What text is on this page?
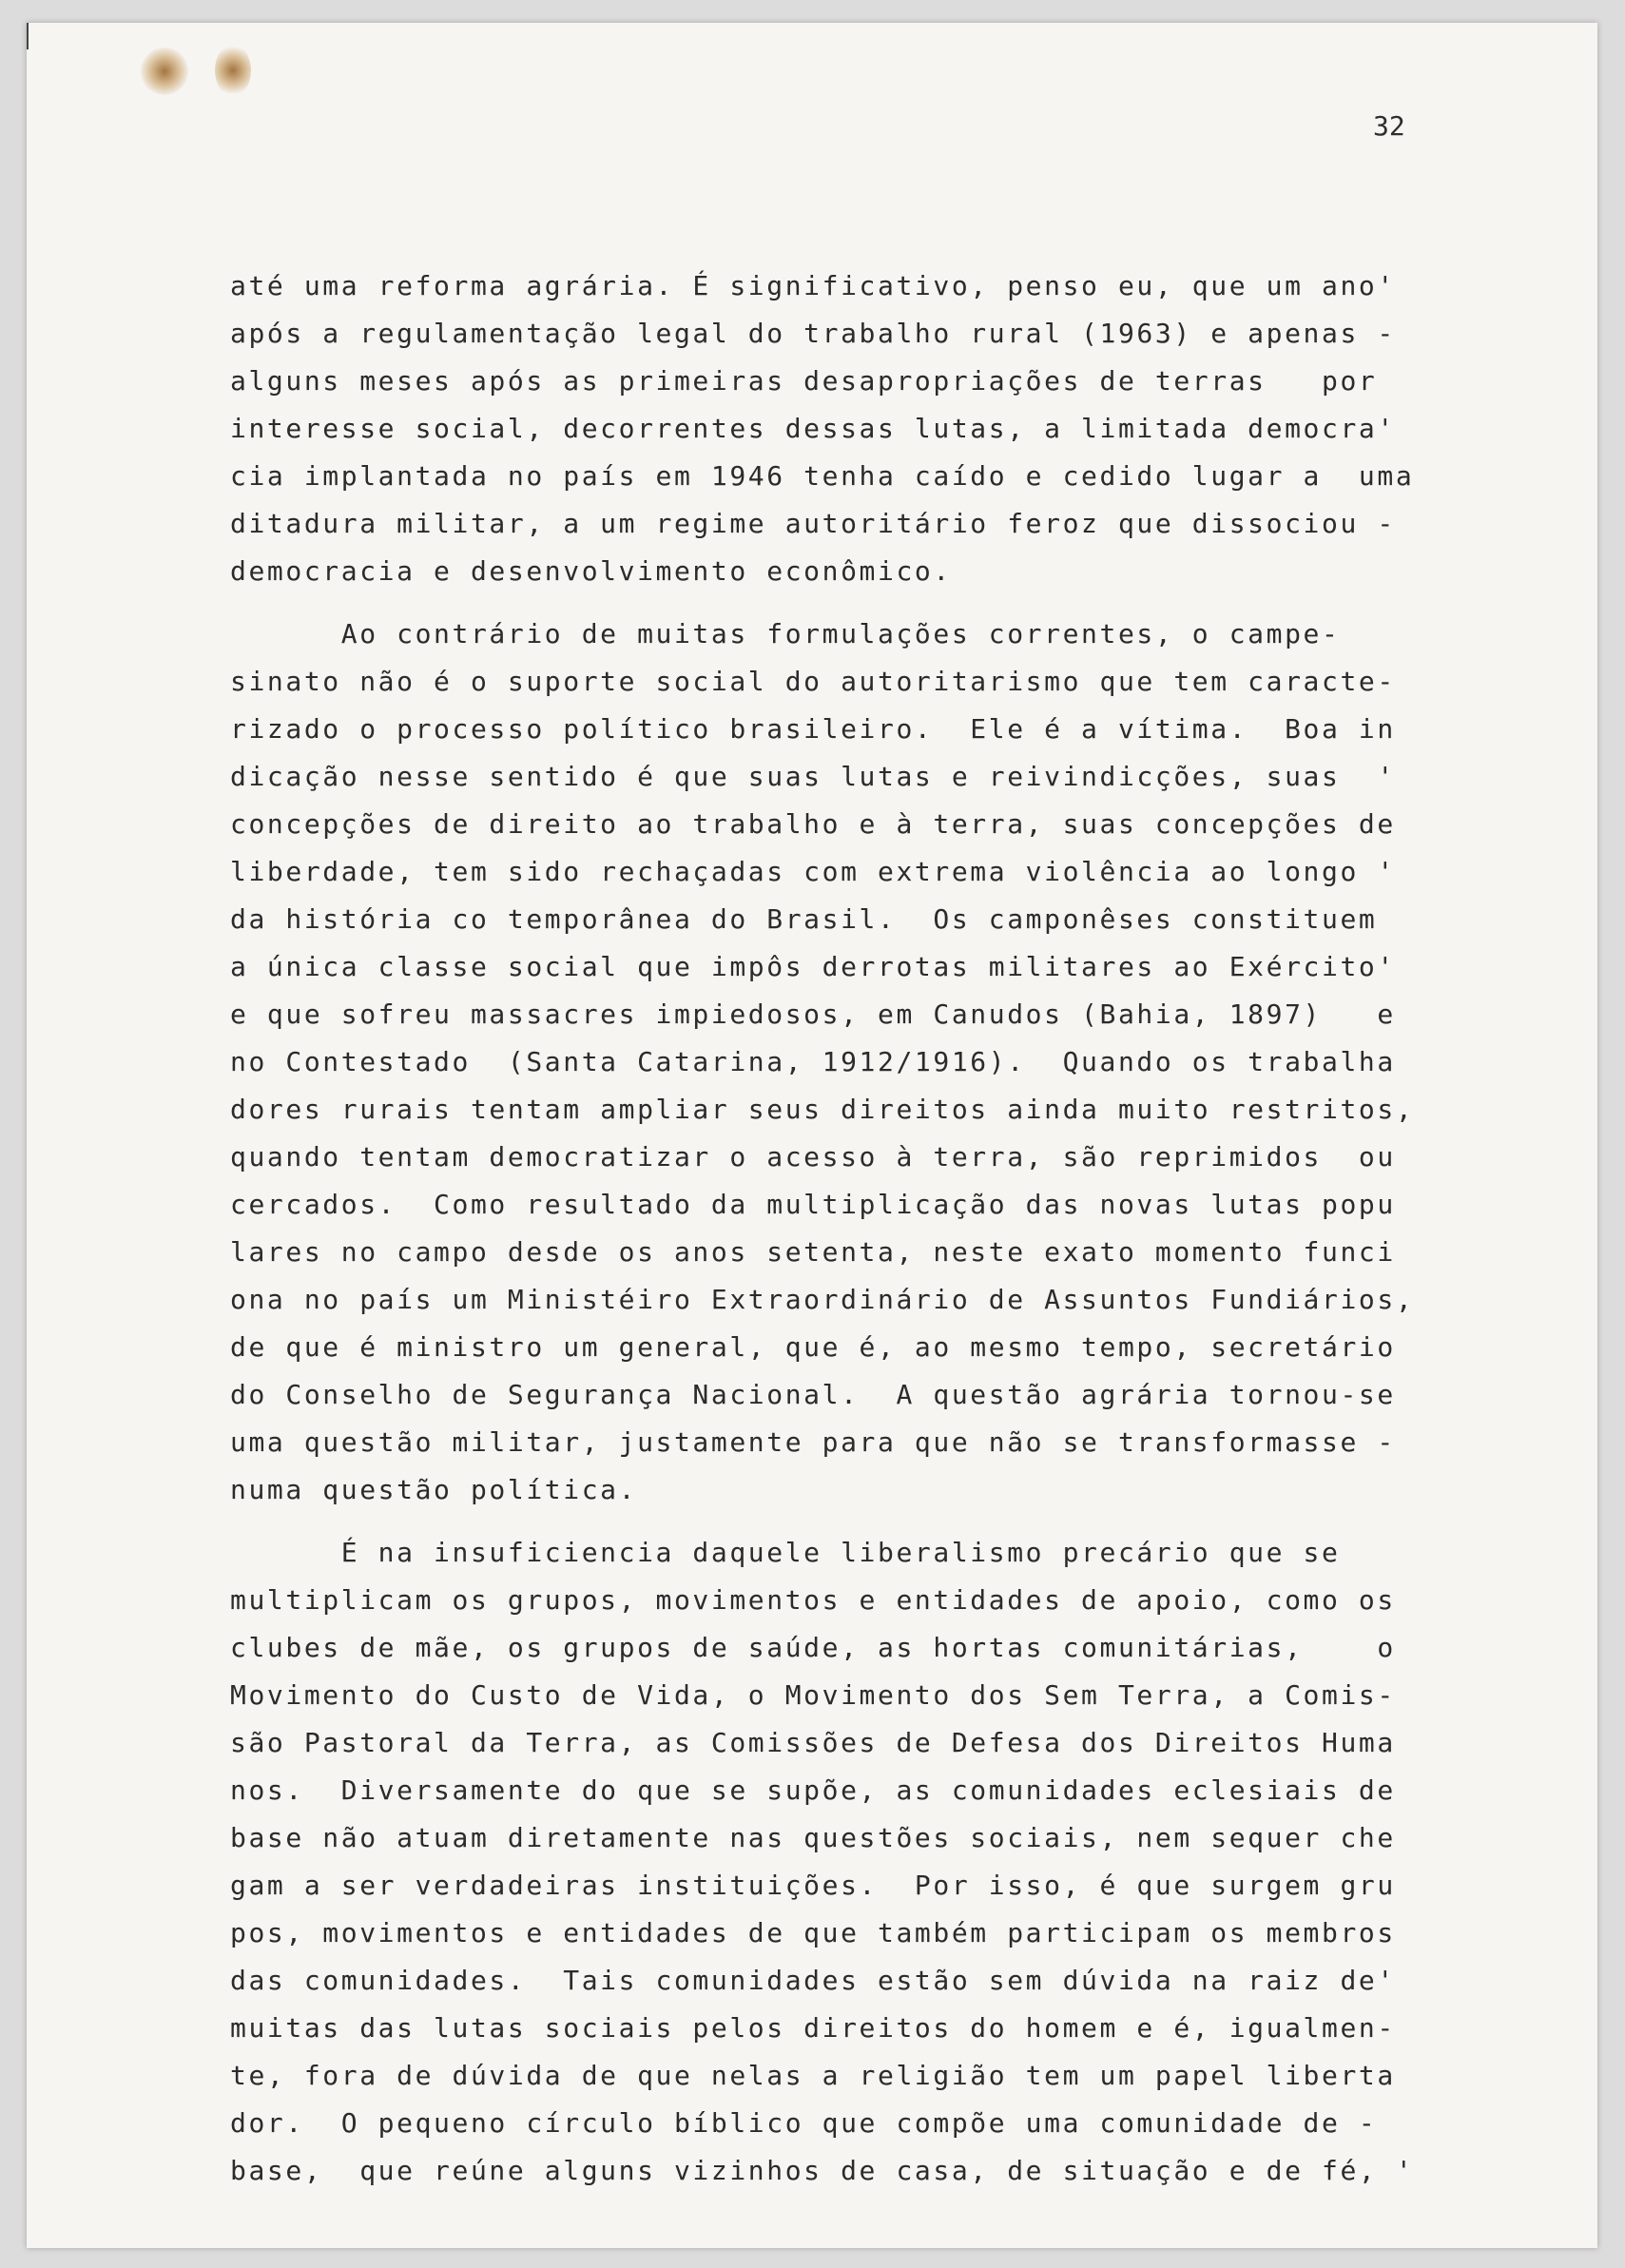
32
até uma reforma agrária. É significativo, penso eu, que um ano'
após a regulamentação legal do trabalho rural (1963) e apenas -
alguns meses após as primeiras desapropriações de terras   por
interesse social, decorrentes dessas lutas, a limitada democra'
cia implantada no país em 1946 tenha caído e cedido lugar a  uma
ditadura militar, a um regime autoritário feroz que dissociou -
democracia e desenvolvimento econômico.
Ao contrário de muitas formulações correntes, o campe-
sinato não é o suporte social do autoritarismo que tem caracte-
rizado o processo político brasileiro.  Ele é a vítima.  Boa in
dicação nesse sentido é que suas lutas e reivindicções, suas  '
concepções de direito ao trabalho e à terra, suas concepções de
liberdade, tem sido rechaçadas com extrema violência ao longo '
da história co temporânea do Brasil.  Os camponêses constituem
a única classe social que impôs derrotas militares ao Exército'
e que sofreu massacres impiedosos, em Canudos (Bahia, 1897)   e
no Contestado  (Santa Catarina, 1912/1916).  Quando os trabalha
dores rurais tentam ampliar seus direitos ainda muito restritos,
quando tentam democratizar o acesso à terra, são reprimidos  ou
cercados.  Como resultado da multiplicação das novas lutas popu
lares no campo desde os anos setenta, neste exato momento funci
ona no país um Ministéiro Extraordinário de Assuntos Fundiários,
de que é ministro um general, que é, ao mesmo tempo, secretário
do Conselho de Segurança Nacional.  A questão agrária tornou-se
uma questão militar, justamente para que não se transformasse -
numa questão política.
É na insuficiencia daquele liberalismo precário que se
multiplicam os grupos, movimentos e entidades de apoio, como os
clubes de mãe, os grupos de saúde, as hortas comunitárias,    o
Movimento do Custo de Vida, o Movimento dos Sem Terra, a Comis-
são Pastoral da Terra, as Comissões de Defesa dos Direitos Huma
nos.  Diversamente do que se supõe, as comunidades eclesiais de
base não atuam diretamente nas questões sociais, nem sequer che
gam a ser verdadeiras instituições.  Por isso, é que surgem gru
pos, movimentos e entidades de que também participam os membros
das comunidades.  Tais comunidades estão sem dúvida na raiz de'
muitas das lutas sociais pelos direitos do homem e é, igualmen-
te, fora de dúvida de que nelas a religião tem um papel liberta
dor.  O pequeno círculo bíblico que compõe uma comunidade de -
base,  que reúne alguns vizinhos de casa, de situação e de fé, '
